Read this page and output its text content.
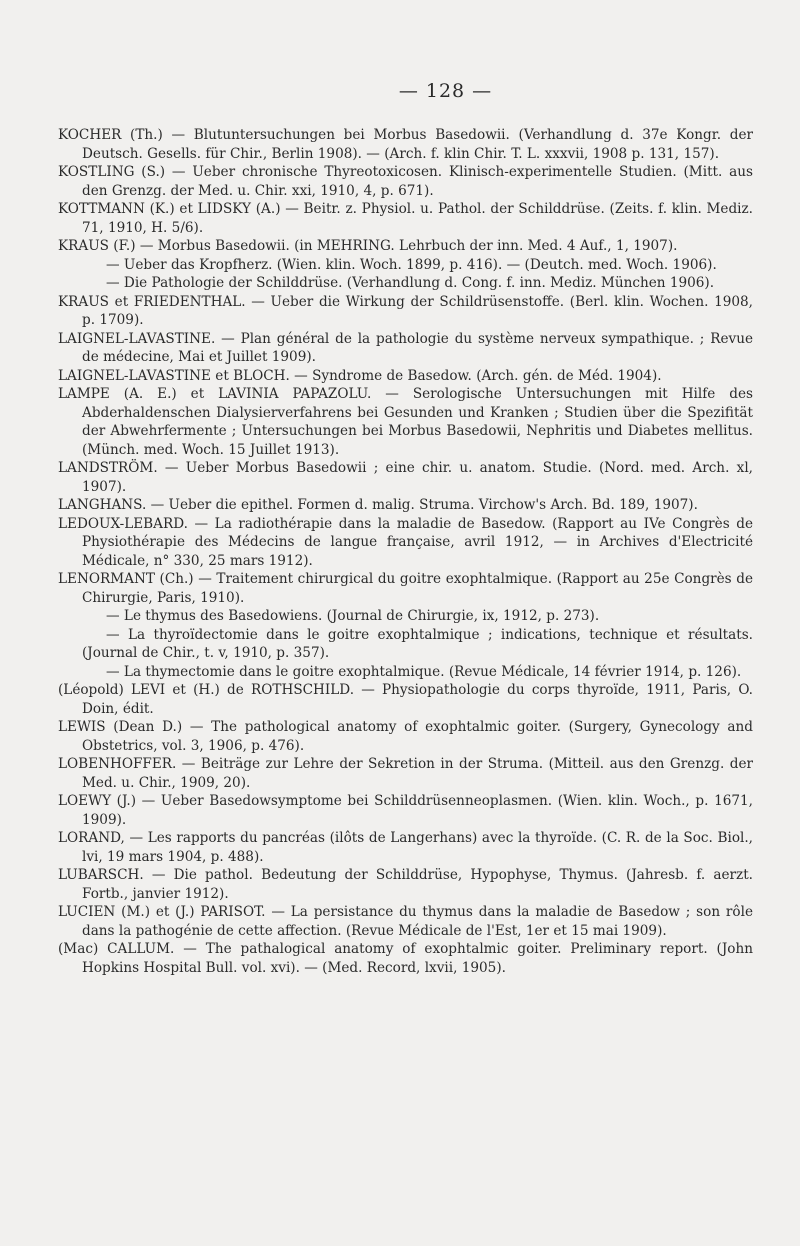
— 128 —

KOCHER (Th.) — Blutuntersuchungen bei Morbus Basedowii. (Verhandlung d. 37e Kongr. der Deutsch. Gesells. für Chir., Berlin 1908). — (Arch. f. klin Chir. T. L. xxxvii, 1908 p. 131, 157).

KOSTLING (S.) — Ueber chronische Thyreotoxicosen. Klinisch-experimentelle Studien. (Mitt. aus den Grenzg. der Med. u. Chir. xxi, 1910, 4, p. 671).

KOTTMANN (K.) et LIDSKY (A.) — Beitr. z. Physiol. u. Pathol. der Schilddrüse. (Zeits. f. klin. Mediz. 71, 1910, H. 5/6).

KRAUS (F.) — Morbus Basedowii. (in MEHRING. Lehrbuch der inn. Med. 4 Auf., 1, 1907).

— Ueber das Kropfherz. (Wien. klin. Woch. 1899, p. 416). — (Deutch. med. Woch. 1906).

— Die Pathologie der Schilddrüse. (Verhandlung d. Cong. f. inn. Mediz. München 1906).

KRAUS et FRIEDENTHAL. — Ueber die Wirkung der Schildrüsenstoffe. (Berl. klin. Wochen. 1908, p. 1709).

LAIGNEL-LAVASTINE. — Plan général de la pathologie du système nerveux sympathique. ; Revue de médecine, Mai et Juillet 1909).

LAIGNEL-LAVASTINE et BLOCH. — Syndrome de Basedow. (Arch. gén. de Méd. 1904).

LAMPE (A. E.) et LAVINIA PAPAZOLU. — Serologische Untersuchungen mit Hilfe des Abderhaldenschen Dialysierverfahrens bei Gesunden und Kranken ; Studien über die Spezifität der Abwehrfermente ; Untersuchungen bei Morbus Basedowii, Nephritis und Diabetes mellitus. (Münch. med. Woch. 15 Juillet 1913).

LANDSTRÖM. — Ueber Morbus Basedowii ; eine chir. u. anatom. Studie. (Nord. med. Arch. xl, 1907).

LANGHANS. — Ueber die epithel. Formen d. malig. Struma. Virchow's Arch. Bd. 189, 1907).

LEDOUX-LEBARD. — La radiothérapie dans la maladie de Basedow. (Rapport au IVe Congrès de Physiothérapie des Médecins de langue française, avril 1912, — in Archives d'Electricité Médicale, n° 330, 25 mars 1912).

LENORMANT (Ch.) — Traitement chirurgical du goitre exophtalmique. (Rapport au 25e Congrès de Chirurgie, Paris, 1910).

— Le thymus des Basedowiens. (Journal de Chirurgie, ix, 1912, p. 273).

— La thyroïdectomie dans le goitre exophtalmique ; indications, technique et résultats. (Journal de Chir., t. v, 1910, p. 357).

— La thymectomie dans le goitre exophtalmique. (Revue Médicale, 14 février 1914, p. 126).

(Léopold) LEVI et (H.) de ROTHSCHILD. — Physiopathologie du corps thyroïde, 1911, Paris, O. Doin, édit.

LEWIS (Dean D.) — The pathological anatomy of exophtalmic goiter. (Surgery, Gynecology and Obstetrics, vol. 3, 1906, p. 476).

LOBENHOFFER. — Beiträge zur Lehre der Sekretion in der Struma. (Mitteil. aus den Grenzg. der Med. u. Chir., 1909, 20).

LOEWY (J.) — Ueber Basedowsymptome bei Schilddrüsenneoplasmen. (Wien. klin. Woch., p. 1671, 1909).

LORAND, — Les rapports du pancréas (ilôts de Langerhans) avec la thyroïde. (C. R. de la Soc. Biol., lvi, 19 mars 1904, p. 488).

LUBARSCH. — Die pathol. Bedeutung der Schilddrüse, Hypophyse, Thymus. (Jahresb. f. aerzt. Fortb., janvier 1912).

LUCIEN (M.) et (J.) PARISOT. — La persistance du thymus dans la maladie de Basedow ; son rôle dans la pathogénie de cette affection. (Revue Médicale de l'Est, 1er et 15 mai 1909).

(Mac) CALLUM. — The pathalogical anatomy of exophtalmic goiter. Preliminary report. (John Hopkins Hospital Bull. vol. xvi). — (Med. Record, lxvii, 1905).
